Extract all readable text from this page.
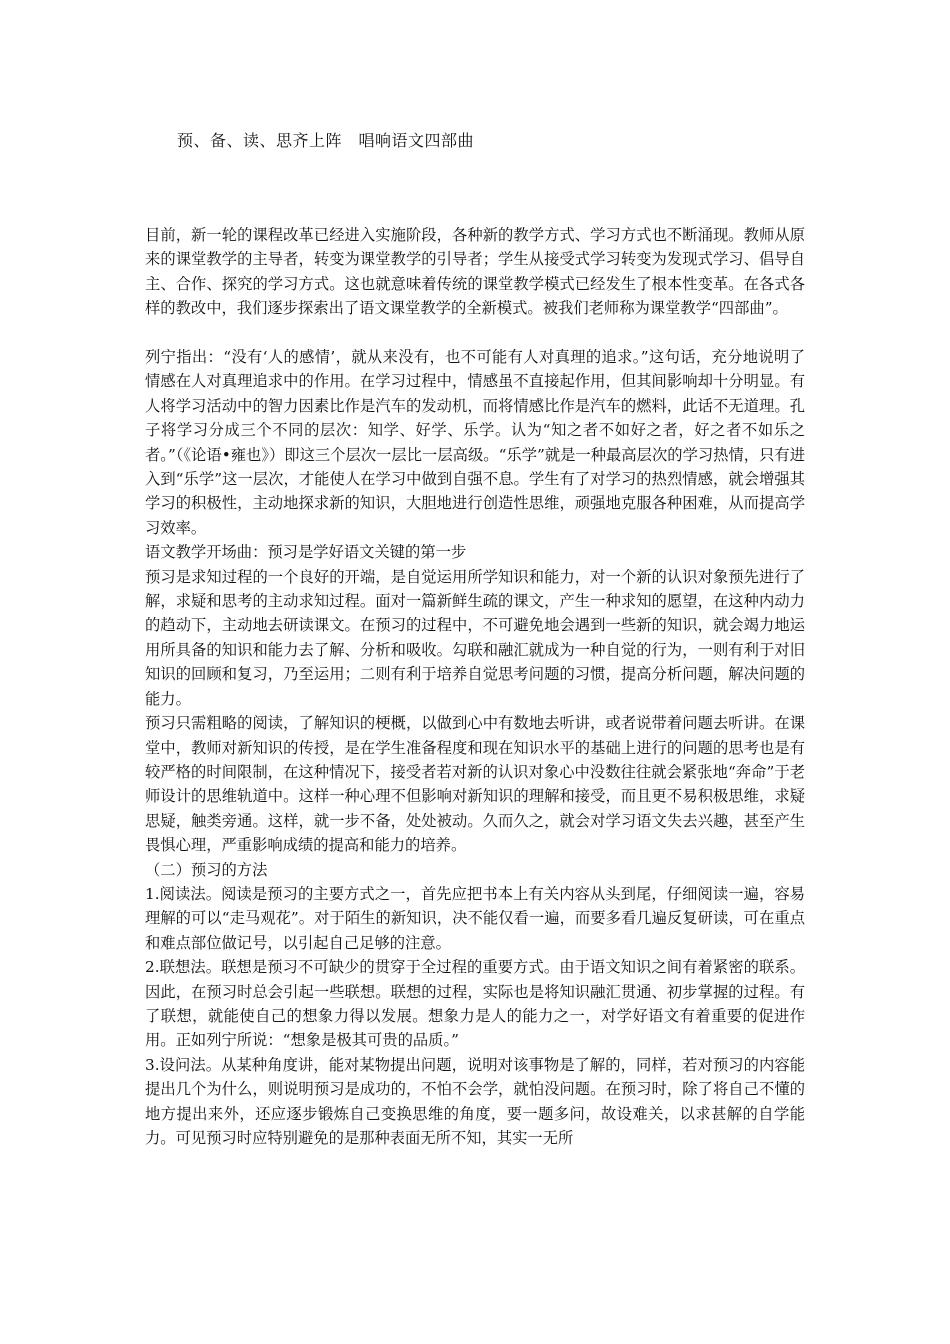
预、备、读、思齐上阵　唱响语文四部曲

目前，新一轮的课程改革已经进入实施阶段，各种新的教学方式、学习方式也不断涌现。教师从原来的课堂教学的主导者，转变为课堂教学的引导者；学生从接受式学习转变为发现式学习、倡导自主、合作、探究的学习方式。这也就意味着传统的课堂教学模式已经发生了根本性变革。在各式各样的教改中，我们逐步探索出了语文课堂教学的全新模式。被我们老师称为课堂教学“四部曲”。

列宁指出：“没有‘人的感情’，就从来没有，也不可能有人对真理的追求。”这句话，充分地说明了情感在人对真理追求中的作用。在学习过程中，情感虽不直接起作用，但其间影响却十分明显。有人将学习活动中的智力因素比作是汽车的发动机，而将情感比作是汽车的燃料，此话不无道理。孔子将学习分成三个不同的层次：知学、好学、乐学。认为“知之者不如好之者，好之者不如乐之者。”（《论语•雍也》）即这三个层次一层比一层高级。“乐学”就是一种最高层次的学习热情，只有进入到“乐学”这一层次，才能使人在学习中做到自强不息。学生有了对学习的热烈情感，就会增强其学习的积极性，主动地探求新的知识，大胆地进行创造性思维，顽强地克服各种困难，从而提高学习效率。

语文教学开场曲：预习是学好语文关键的第一步

预习是求知过程的一个良好的开端，是自觉运用所学知识和能力，对一个新的认识对象预先进行了解，求疑和思考的主动求知过程。面对一篇新鲜生疏的课文，产生一种求知的愿望，在这种内动力的趋动下，主动地去研读课文。在预习的过程中，不可避免地会遇到一些新的知识，就会竭力地运用所具备的知识和能力去了解、分析和吸收。勾联和融汇就成为一种自觉的行为，一则有利于对旧知识的回顾和复习，乃至运用；二则有利于培养自觉思考问题的习惯，提高分析问题，解决问题的能力。

预习只需粗略的阅读，了解知识的梗概，以做到心中有数地去听讲，或者说带着问题去听讲。在课堂中，教师对新知识的传授，是在学生准备程度和现在知识水平的基础上进行的问题的思考也是有较严格的时间限制，在这种情况下，接受者若对新的认识对象心中没数往往就会紧张地“奔命”于老师设计的思维轨道中。这样一种心理不但影响对新知识的理解和接受，而且更不易积极思维，求疑思疑，触类旁通。这样，就一步不备，处处被动。久而久之，就会对学习语文失去兴趣，甚至产生畏惧心理，严重影响成绩的提高和能力的培养。

（二）预习的方法

1.阅读法。阅读是预习的主要方式之一，首先应把书本上有关内容从头到尾，仔细阅读一遍，容易理解的可以“走马观花”。对于陌生的新知识，决不能仅看一遍，而要多看几遍反复研读，可在重点和难点部位做记号，以引起自己足够的注意。

2.联想法。联想是预习不可缺少的贯穿于全过程的重要方式。由于语文知识之间有着紧密的联系。因此，在预习时总会引起一些联想。联想的过程，实际也是将知识融汇贯通、初步掌握的过程。有了联想，就能使自己的想象力得以发展。想象力是人的能力之一，对学好语文有着重要的促进作用。正如列宁所说：“想象是极其可贵的品质。”

3.设问法。从某种角度讲，能对某物提出问题，说明对该事物是了解的，同样，若对预习的内容能提出几个为什么，则说明预习是成功的，不怕不会学，就怕没问题。在预习时，除了将自己不懂的地方提出来外，还应逐步锻炼自己变换思维的角度，要一题多问，故设难关，以求甚解的自学能力。可见预习时应特别避免的是那种表面无所不知，其实一无所
